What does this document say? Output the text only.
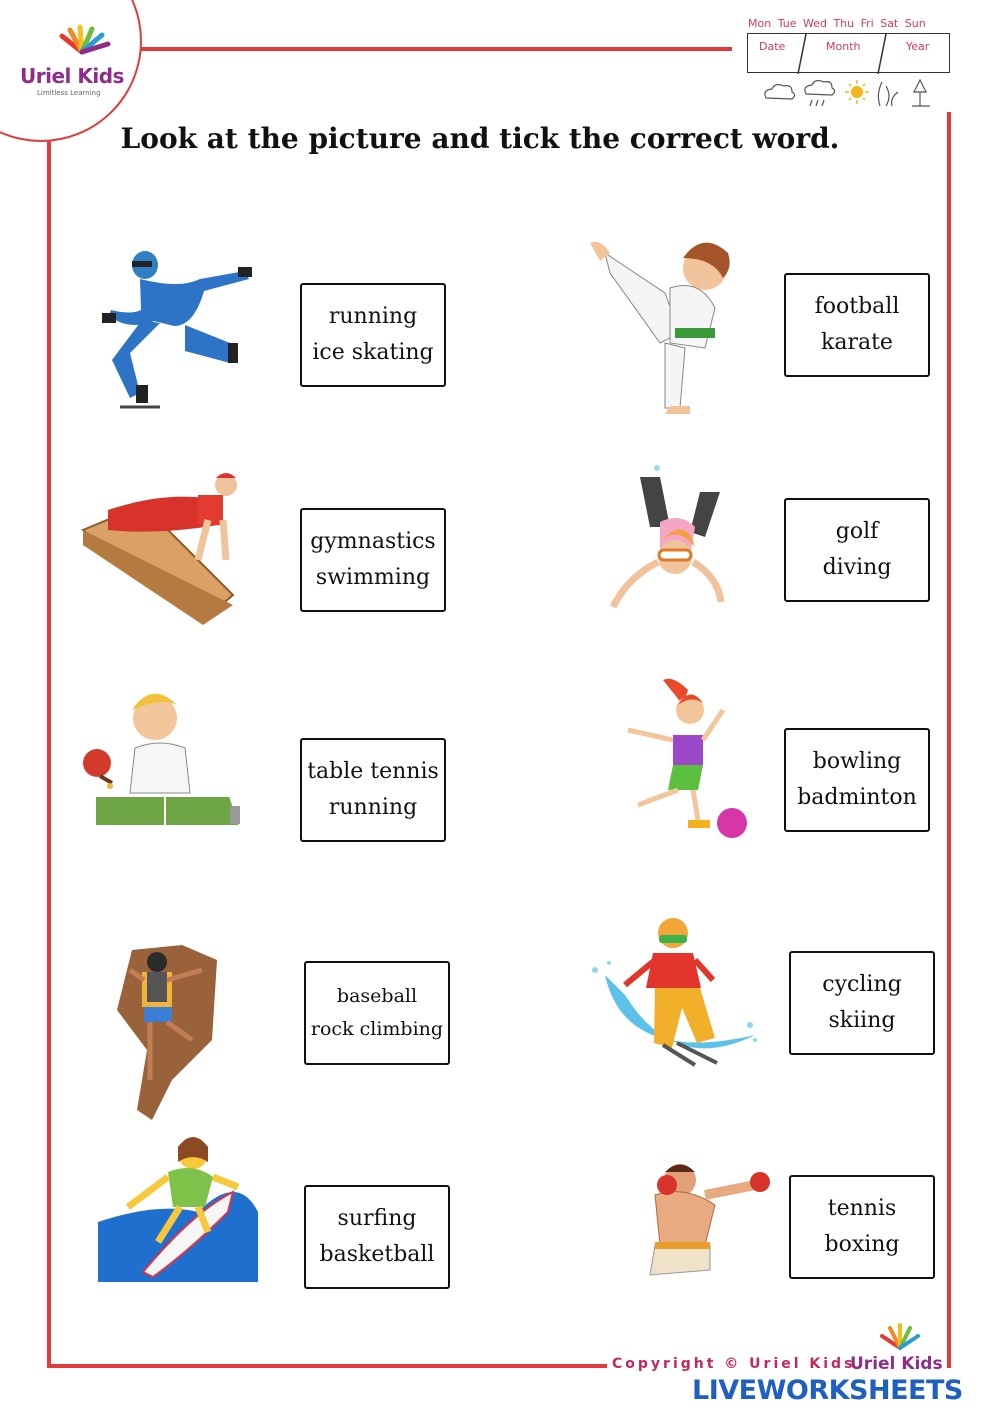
Uriel Kids
Limitless Learning
Mon Tue Wed Thu Fri Sat Sun
Date	Month	Year
Look at the picture and tick the correct word.
running
ice skating
football
karate
gymnastics
swimming
golf
diving
table tennis
running
bowling
badminton
baseball
rock climbing
cycling
skiing
surfing
basketball
tennis
boxing
Copyright © Uriel Kids
Uriel Kids
LIVEWORKSHEETS
